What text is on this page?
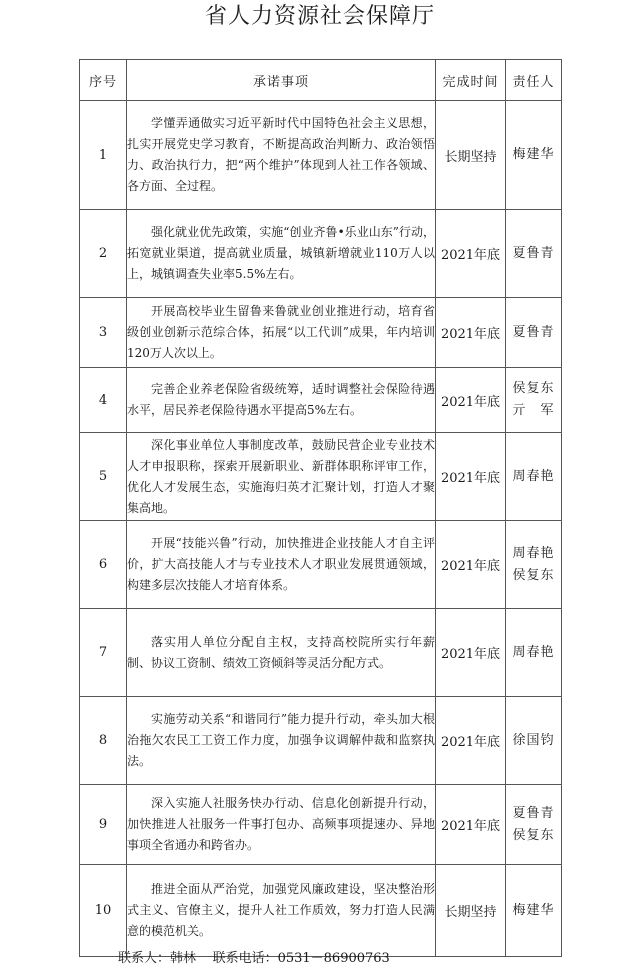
省人力资源社会保障厅
序号	承诺事项	完成时间	责任人
1	学懂弄通做实习近平新时代中国特色社会主义思想，扎实开展党史学习教育，不断提高政治判断力、政治领悟力、政治执行力，把“两个维护”体现到人社工作各领域、各方面、全过程。	长期坚持	梅建华

2	强化就业优先政策，实施“创业齐鲁•乐业山东”行动，拓宽就业渠道，提高就业质量，城镇新增就业110万人以上，城镇调查失业率5.5%左右。	2021年底	夏鲁青

3	开展高校毕业生留鲁来鲁就业创业推进行动，培育省级创业创新示范综合体，拓展“以工代训”成果，年内培训120万人次以上。	2021年底	夏鲁青

4	完善企业养老保险省级统筹，适时调整社会保险待遇水平，居民养老保险待遇水平提高5%左右。	2021年底	侯复东
亓　军

5	深化事业单位人事制度改革，鼓励民营企业专业技术人才申报职称，探索开展新职业、新群体职称评审工作，优化人才发展生态，实施海归英才汇聚计划，打造人才聚集高地。	2021年底	周春艳

6	开展“技能兴鲁”行动，加快推进企业技能人才自主评价，扩大高技能人才与专业技术人才职业发展贯通领域，构建多层次技能人才培育体系。	2021年底	周春艳
侯复东

7	落实用人单位分配自主权，支持高校院所实行年薪制、协议工资制、绩效工资倾斜等灵活分配方式。	2021年底	周春艳

8	实施劳动关系“和谐同行”能力提升行动，牵头加大根治拖欠农民工工资工作力度，加强争议调解仲裁和监察执法。	2021年底	徐国钧

9	深入实施人社服务快办行动、信息化创新提升行动，加快推进人社服务一件事打包办、高频事项提速办、异地事项全省通办和跨省办。	2021年底	夏鲁青
侯复东

10	推进全面从严治党，加强党风廉政建设，坚决整治形式主义、官僚主义，提升人社工作质效，努力打造人民满意的模范机关。	长期坚持	梅建华
联系人：韩林 联系电话：0531－86900763
